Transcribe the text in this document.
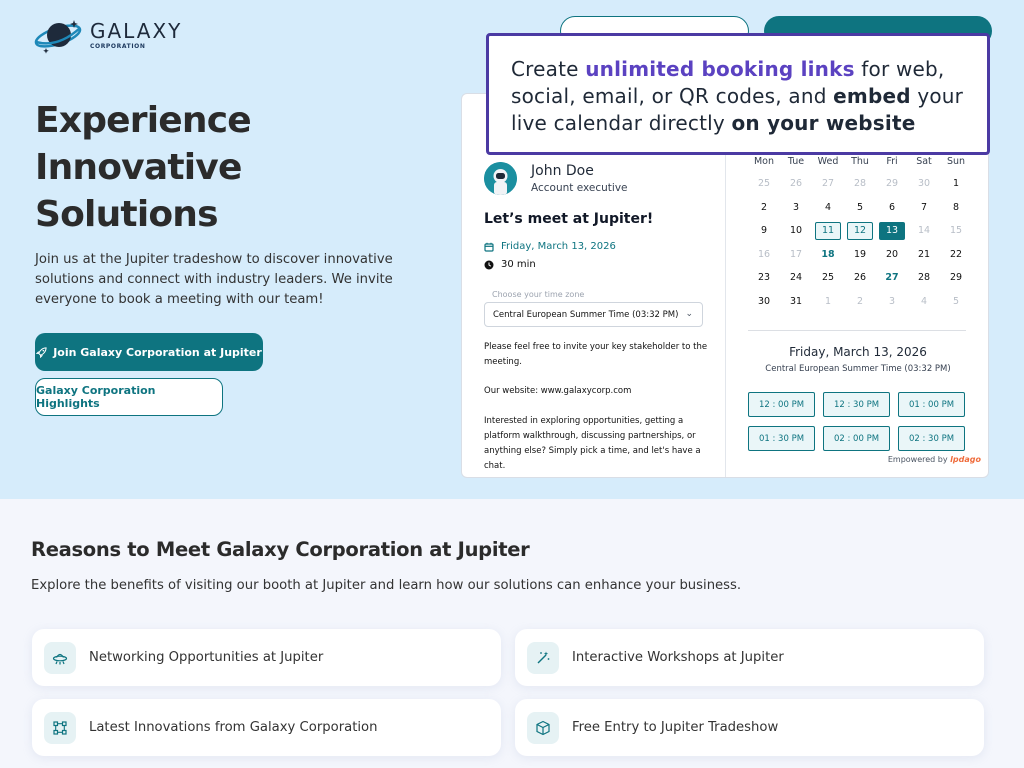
GALAXY
CORPORATION
Experience
Innovative
Solutions

Join us at the Jupiter tradeshow to discover innovative solutions and connect with industry leaders. We invite everyone to book a meeting with our team!

Join Galaxy Corporation at Jupiter
Galaxy Corporation Highlights
John Doe
Account executive
Let’s meet at Jupiter!
Friday, March 13, 2026
30 min
Choose your time zone
Central European Summer Time (03:32 PM) ⌄
Please feel free to invite your key stakeholder to the meeting.
Our website: www.galaxycorp.com
Interested in exploring opportunities, getting a platform walkthrough, discussing partnerships, or anything else? Simply pick a time, and let's have a chat.
Mon	Tue	Wed	Thu	Fri	Sat	Sun
25	26	27	28	29	30	1
2	3	4	5	6	7	8
9	10	11	12	13	14	15
16	17	18	19	20	21	22
23	24	25	26	27	28	29
30	31	1	2	3	4	5
Friday, March 13, 2026
Central European Summer Time (03:32 PM)
12 : 00 PM	12 : 30 PM	01 : 00 PM
01 : 30 PM	02 : 00 PM	02 : 30 PM
Empowered by lpdago
Create unlimited booking links for web, social, email, or QR codes, and embed your live calendar directly on your website
Reasons to Meet Galaxy Corporation at Jupiter

Explore the benefits of visiting our booth at Jupiter and learn how our solutions can enhance your business.

Networking Opportunities at Jupiter	Interactive Workshops at Jupiter
Latest Innovations from Galaxy Corporation	Free Entry to Jupiter Tradeshow
